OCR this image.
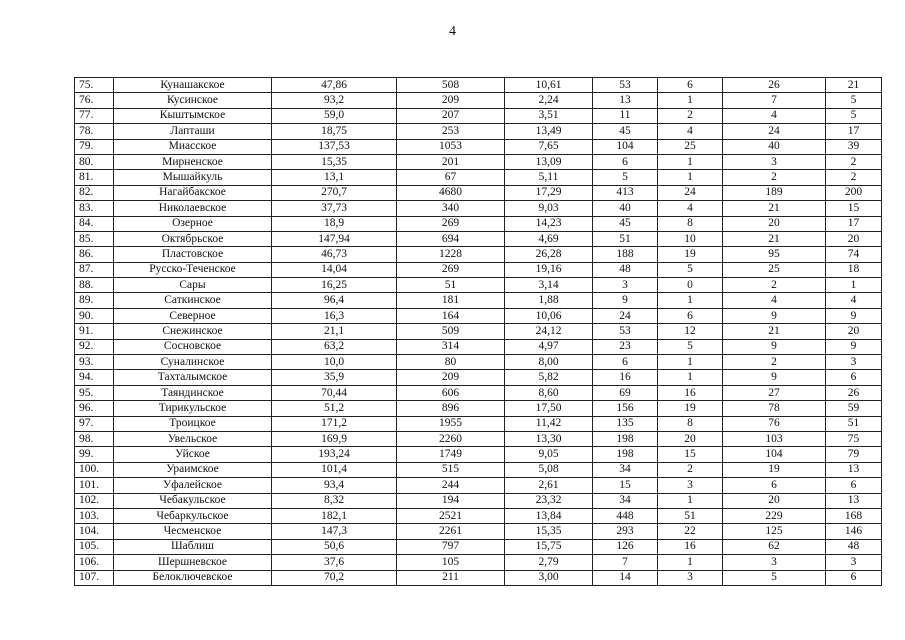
4
75.	Кунашакское	47,86	508	10,61	53	6	26	21
76.	Кусинское	93,2	209	2,24	13	1	7	5
77.	Кыштымское	59,0	207	3,51	11	2	4	5
78.	Лапташи	18,75	253	13,49	45	4	24	17
79.	Миасское	137,53	1053	7,65	104	25	40	39
80.	Мирненское	15,35	201	13,09	6	1	3	2
81.	Мышайкуль	13,1	67	5,11	5	1	2	2
82.	Нагайбакское	270,7	4680	17,29	413	24	189	200
83.	Николаевское	37,73	340	9,03	40	4	21	15
84.	Озерное	18,9	269	14,23	45	8	20	17
85.	Октябрьское	147,94	694	4,69	51	10	21	20
86.	Пластовское	46,73	1228	26,28	188	19	95	74
87.	Русско-Теченское	14,04	269	19,16	48	5	25	18
88.	Сары	16,25	51	3,14	3	0	2	1
89.	Саткинское	96,4	181	1,88	9	1	4	4
90.	Северное	16,3	164	10,06	24	6	9	9
91.	Снежинское	21,1	509	24,12	53	12	21	20
92.	Сосновское	63,2	314	4,97	23	5	9	9
93.	Суналинское	10,0	80	8,00	6	1	2	3
94.	Тахталымское	35,9	209	5,82	16	1	9	6
95.	Таяндинское	70,44	606	8,60	69	16	27	26
96.	Тирикульское	51,2	896	17,50	156	19	78	59
97.	Троицкое	171,2	1955	11,42	135	8	76	51
98.	Увельское	169,9	2260	13,30	198	20	103	75
99.	Уйское	193,24	1749	9,05	198	15	104	79
100.	Ураимское	101,4	515	5,08	34	2	19	13
101.	Уфалейское	93,4	244	2,61	15	3	6	6
102.	Чебакульское	8,32	194	23,32	34	1	20	13
103.	Чебаркульское	182,1	2521	13,84	448	51	229	168
104.	Чесменское	147,3	2261	15,35	293	22	125	146
105.	Шаблиш	50,6	797	15,75	126	16	62	48
106.	Шершневское	37,6	105	2,79	7	1	3	3
107.	Белоключевское	70,2	211	3,00	14	3	5	6
